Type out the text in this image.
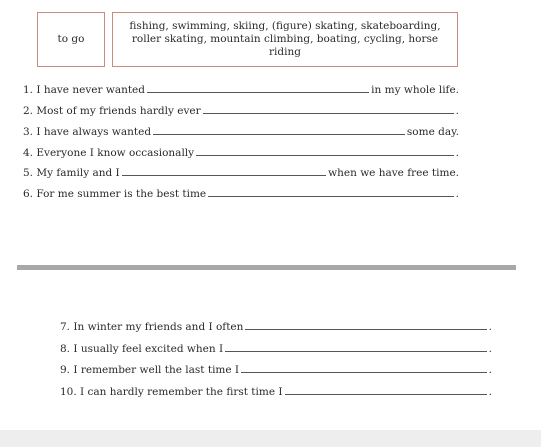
to go
fishing, swimming, skiing, (figure) skating, skateboarding, roller skating, mountain climbing, boating, cycling, horse riding
1. I have never wanted	in my whole life.
2. Most of my friends hardly ever	.
3. I have always wanted	some day.
4. Everyone I know occasionally	.
5. My family and I	when we have free time.
6. For me summer is the best time	.
7. In winter my friends and I often	.
8. I usually feel excited when I	.
9. I remember well the last time I	.
10. I can hardly remember the first time I	.
